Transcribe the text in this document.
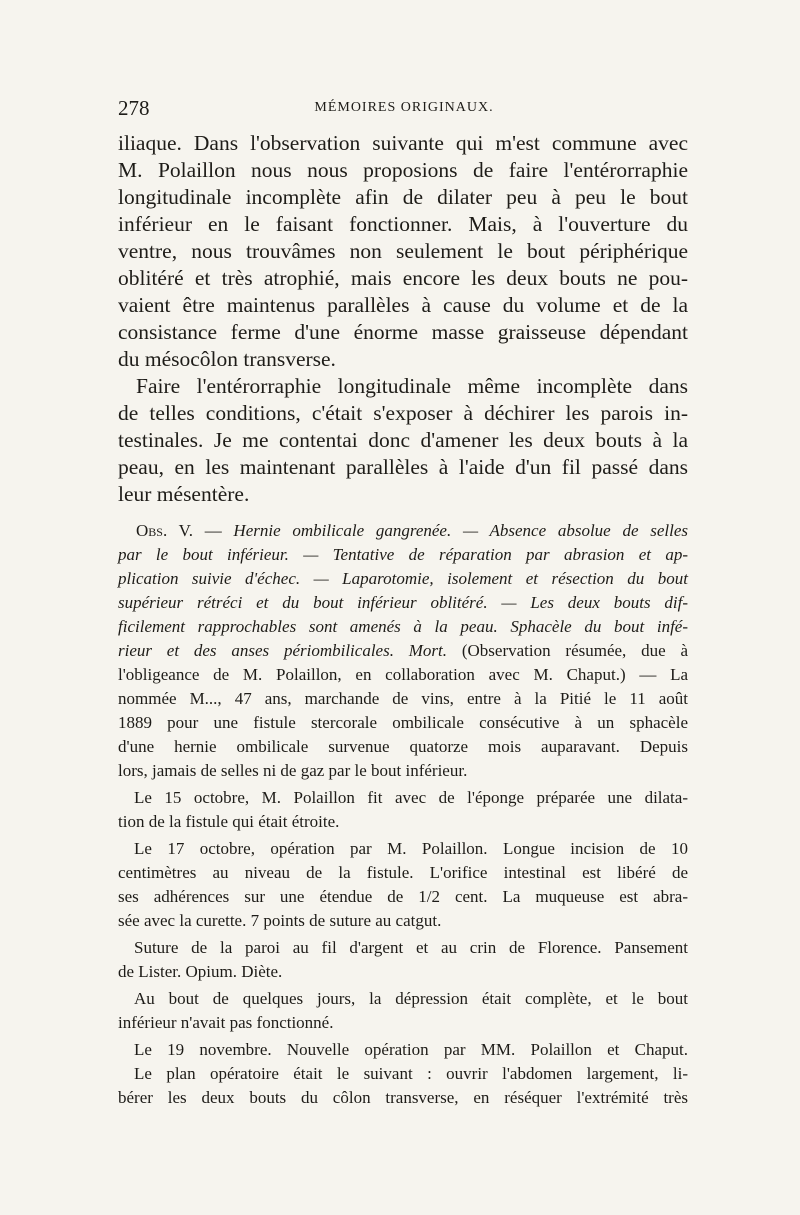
278	MÉMOIRES ORIGINAUX.
iliaque. Dans l'observation suivante qui m'est commune avec
M. Polaillon nous nous proposions de faire l'entérorraphie
longitudinale incomplète afin de dilater peu à peu le bout
inférieur en le faisant fonctionner. Mais, à l'ouverture du
ventre, nous trouvâmes non seulement le bout périphérique
oblitéré et très atrophié, mais encore les deux bouts ne pou-
vaient être maintenus parallèles à cause du volume et de la
consistance ferme d'une énorme masse graisseuse dépendant
du mésocôlon transverse.
Faire l'entérorraphie longitudinale même incomplète dans
de telles conditions, c'était s'exposer à déchirer les parois in-
testinales. Je me contentai donc d'amener les deux bouts à la
peau, en les maintenant parallèles à l'aide d'un fil passé dans
leur mésentère.
Obs. V. — Hernie ombilicale gangrenée. — Absence absolue de selles
par le bout inférieur. — Tentative de réparation par abrasion et ap-
plication suivie d'échec. — Laparotomie, isolement et résection du bout
supérieur rétréci et du bout inférieur oblitéré. — Les deux bouts dif-
ficilement rapprochables sont amenés à la peau. Sphacèle du bout infé-
rieur et des anses périombilicales. Mort. (Observation résumée, due à
l'obligeance de M. Polaillon, en collaboration avec M. Chaput.) — La
nommée M..., 47 ans, marchande de vins, entre à la Pitié le 11 août
1889 pour une fistule stercorale ombilicale consécutive à un sphacèle
d'une hernie ombilicale survenue quatorze mois auparavant. Depuis
lors, jamais de selles ni de gaz par le bout inférieur.
Le 15 octobre, M. Polaillon fit avec de l'éponge préparée une dilata-
tion de la fistule qui était étroite.
Le 17 octobre, opération par M. Polaillon. Longue incision de 10
centimètres au niveau de la fistule. L'orifice intestinal est libéré de
ses adhérences sur une étendue de 1/2 cent. La muqueuse est abra-
sée avec la curette. 7 points de suture au catgut.
Suture de la paroi au fil d'argent et au crin de Florence. Pansement
de Lister. Opium. Diète.
Au bout de quelques jours, la dépression était complète, et le bout
inférieur n'avait pas fonctionné.
Le 19 novembre. Nouvelle opération par MM. Polaillon et Chaput.
Le plan opératoire était le suivant : ouvrir l'abdomen largement, li-
bérer les deux bouts du côlon transverse, en réséquer l'extrémité très
